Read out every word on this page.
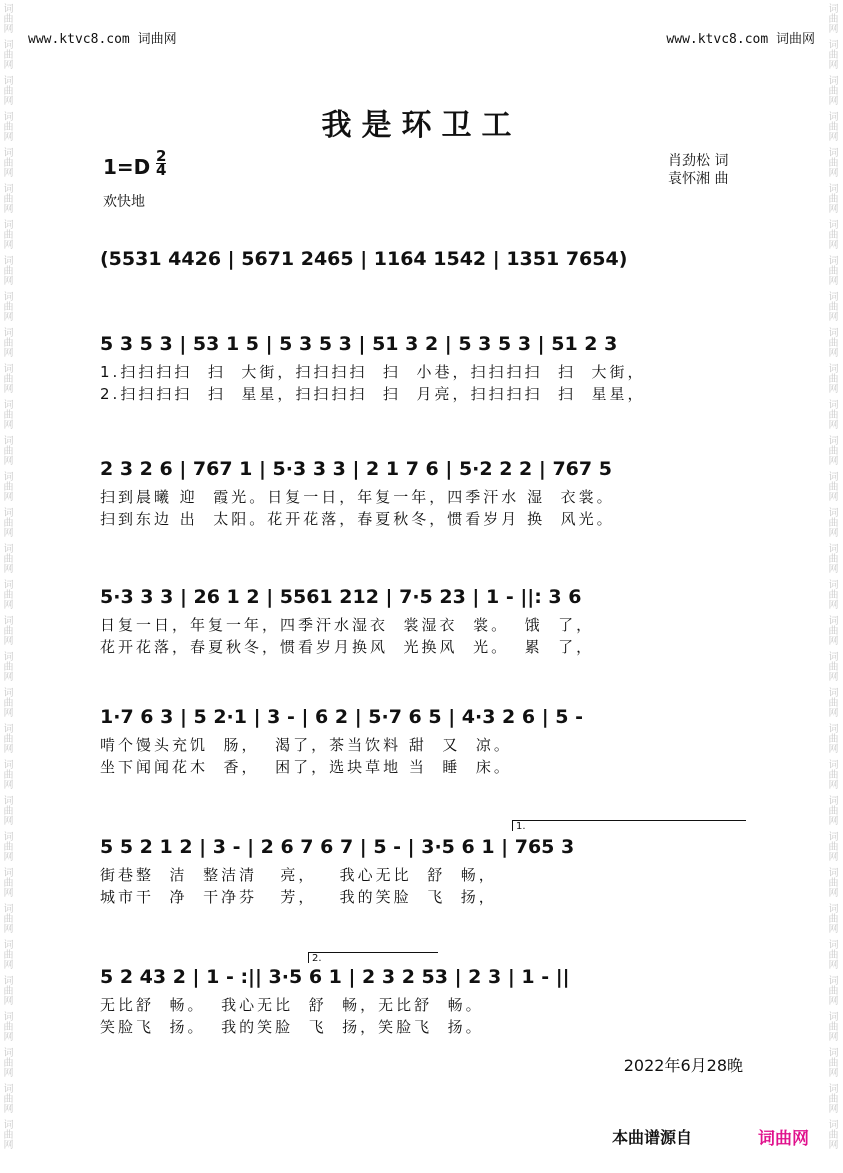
词曲网
词曲网
词曲网
词曲网
词曲网
词曲网
词曲网
词曲网
词曲网
词曲网
词曲网
词曲网
词曲网
词曲网
词曲网
词曲网
词曲网
词曲网
词曲网
词曲网
词曲网
词曲网
词曲网
词曲网
词曲网
词曲网
词曲网
词曲网
词曲网
词曲网
词曲网
词曲网
词曲网
词曲网
词曲网
词曲网
词曲网
词曲网
词曲网
词曲网
词曲网
词曲网
词曲网
词曲网
词曲网
词曲网
词曲网
词曲网
词曲网
词曲网
词曲网
词曲网
词曲网
词曲网
词曲网
词曲网
词曲网
词曲网
词曲网
词曲网
词曲网
词曲网
词曲网
词曲网
www.ktvc8.com 词曲网	www.ktvc8.com 词曲网
我是环卫工
$1=D \frac{2}{4}$
欢快地
肖劲松 词
袁怀湘 曲
(5531 4426 | 5671 2465 | 1164 1542 | 1351 7654)
5 3 5 3 | 53 1 5 | 5 3 5 3 | 51 3 2 | 5 3 5 3 | 51 2 3
1.扫扫扫扫  扫  大街，扫扫扫扫  扫  小巷，扫扫扫扫  扫  大街，
2.扫扫扫扫  扫  星星，扫扫扫扫  扫  月亮，扫扫扫扫  扫  星星，
2 3 2 6 | 767 1 | 5·3 3 3 | 2 1 7 6 | 5·2 2 2 | 767 5
扫到晨曦 迎  霞光。日复一日，年复一年，四季汗水 湿  衣裳。
扫到东边 出  太阳。花开花落，春夏秋冬，惯看岁月 换  风光。
5·3 3 3 | 26 1 2 | 5561 212 | 7·5 23 | 1 - ||: 3 6
日复一日，年复一年，四季汗水湿衣  裳湿衣  裳。  饿  了，
花开花落，春夏秋冬，惯看岁月换风  光换风  光。  累  了，
1·7 6 3 | 5 2·1 | 3 - | 6 2 | 5·7 6 5 | 4·3 2 6 | 5 -
啃个馒头充饥  肠，  渴了，茶当饮料 甜  又  凉。
坐下闻闻花木  香，  困了，选块草地 当  睡  床。
5 5 2 1 2 | 3 - | 2 6 7 6 7 | 5 - | 3·5 6 1 | 765 3
街巷整  洁  整洁清   亮，   我心无比  舒  畅，
城市干  净  干净芬   芳，   我的笑脸  飞  扬，
5 2 43 2 | 1 - :|| 3·5 6 1 | 2 3 2 53 | 2 3 | 1 - ||
无比舒  畅。  我心无比  舒  畅，无比舒  畅。
笑脸飞  扬。  我的笑脸  飞  扬，笑脸飞  扬。
1.
2.
2022年6月28晚
本曲谱源自	词曲网
